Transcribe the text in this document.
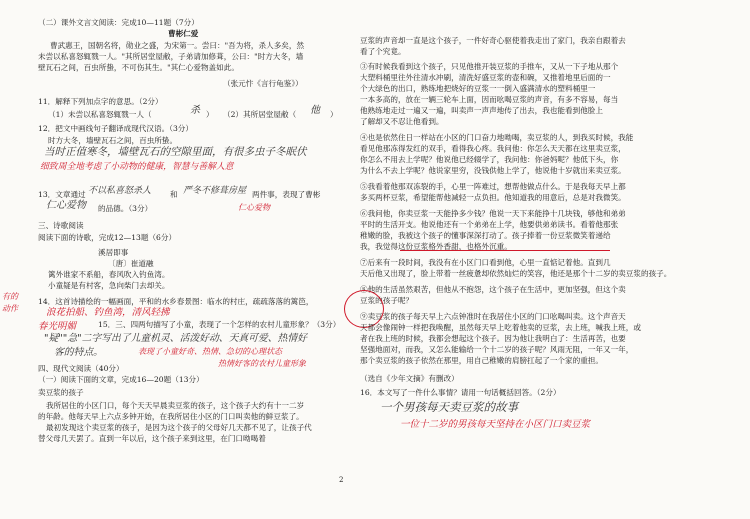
（二）课外文言文阅读：完成10—11题（7分）
曹彬仁爱
曹武惠王，国朝名将，勋业之盛，为宋第一。尝曰："吾为将，杀人多矣，然
未尝以私喜怒辄戮一人。"其所居堂屋敝，子弟请加修葺，公曰："时方大冬，墙
壁瓦石之间，百虫所蛰，不可伤其生。"其仁心爱物盖如此。
（张元忭《言行龟鉴》）
11．解释下列加点字的意思。（2分）
（1）未尝以私喜怒辄戮一人（	杀 ） （2）其所居堂屋敝（ 他 ）
12．把文中画线句子翻译成现代汉语。（3分）
时方大冬，墙壁瓦石之间，百虫所蛰。
当时正值寒冬，墙壁瓦石的空隙里面，有很多虫子冬眠伏
细致周全地考虑了小动物的健康，智慧与善解人意
13．文章通过 不以私喜怒杀人 和 严冬不修葺房屋 两件事，表现了曹彬
仁心爱物 的品德。（3分）	仁心爱物
三、诗歌阅读
阅读下面的诗歌，完成12—13题（6分）
溪居即事
〔唐〕崔道融
篱外谁家不系船，春风吹入钓鱼湾。
小童疑是有村客，急向柴门去却关。
14．这首诗描绘的一幅画面，平和的水乡春景图：临水的村庄，疏疏落落的篱笆，
浪花拍船、钓鱼湾，清风轻拂
有的
动作
春光明媚	15．三、四两句描写了小童，表现了一个怎样的农村儿童形象？（3分）
"疑""急"二字写出了儿童机灵、活泼好动、天真可爱、热情好
客的特点。	表现了小童好奇、热情、急切的心理状态
热情好客的农村儿童形象
四、现代文阅读（40分）
（一）阅读下面的文章，完成16—20题（13分）
卖豆浆的孩子
我所居住的小区门口，每个天天早晨卖豆浆的孩子，这个孩子大约有十一二岁
的年龄。他每天早上六点多钟开始，在我所居住小区的门口叫卖他的鲜豆浆了。
最初发现这个卖豆浆的孩子，是因为这个孩子的父母好几天都不见了，让孩子代
替父母几天罢了。直到一年以后，这个孩子来到这里，在门口呦喝着
豆浆的声音却一直是这个孩子，一件好奇心驱使着我走出了家门，我亲自跟着去
看了个究竟。
③有时候我看到这个孩子，只见他推开装豆浆的手推车，又从一下子地从那个
大塑料桶里往外往清水冲刷，清洗好盛豆浆的壶和碗，又推着地里后面的一
个大绿色的出口，熟练地把烧好的豆浆一一倒入盛满清水的塑料桶里一
一本多高的，放在一辆三轮车上面，因而吆喝豆浆的声音，有多不容易，每当
他熟练地走过一遍又一遍，叫卖声一声声地传了出去，我也能看到他脸上
了解却又不忍让他看到。
④也是依然住日一样站在小区的门口奋力地呦喝，卖豆浆的人，到我买时候，我能
看见他那冻得发红的双手，看得我心疼。我问他：你怎么天天都在这里卖豆浆，
你怎么不用去上学呢？他说他已经辍学了，我问他：你爸妈呢？他低下头，你
为什么不去上学呢？他说家里穷，没钱供他上学了，他说他十岁就出来卖豆浆。
⑤我看着他那双冻裂的手，心里一阵难过，想帮他做点什么。于是我每天早上都
多买两杯豆浆，希望能帮他减轻一点负担。他知道我的用意后，总是对我微笑。
⑥我问他，你卖豆浆一天能挣多少钱？他说一天下来能挣十几块钱，够他和弟弟
平时的生活开支。他说他还有一个弟弟在上学，他要供弟弟读书。看着他那张
稚嫩的脸，我被这个孩子的懂事深深打动了。孩子捧着一份豆浆微笑着递给
我，我觉得这份豆浆格外香甜，也格外沉重。
⑦后来有一段时间，我没有在小区门口看到他，心里一直惦记着他。直到几
天后他又出现了，脸上带着一丝疲惫却依然灿烂的笑容，他还是那个十二岁的卖豆浆的孩子。
⑧他的生活虽然艰苦，但他从不抱怨，这个孩子在生活中，更加坚强，但这个卖
豆浆的孩子呢？
⑨卖豆浆的孩子每天早上六点钟准时在我居住小区的门口吆喝叫卖。这个声音天
天都会像闹钟一样把我唤醒，虽然每天早上吃着他卖的豆浆，去上班，喊我上班，或
者在我上班的时候，我都会想起这个孩子。因为他让我明白了：生活再苦，也要
坚强地面对，而我，又怎么能输给一个十二岁的孩子呢？风雨无阻，一年又一年，
那个卖豆浆的孩子依然在那里，用自己稚嫩的肩膀扛起了一个家的重担。
（选自《少年文摘》有删改）
16．本文写了一件什么事情？请用一句话概括回答。（2分）
一个男孩每天卖豆浆的故事
一位十二岁的男孩每天坚持在小区门口卖豆浆
2
